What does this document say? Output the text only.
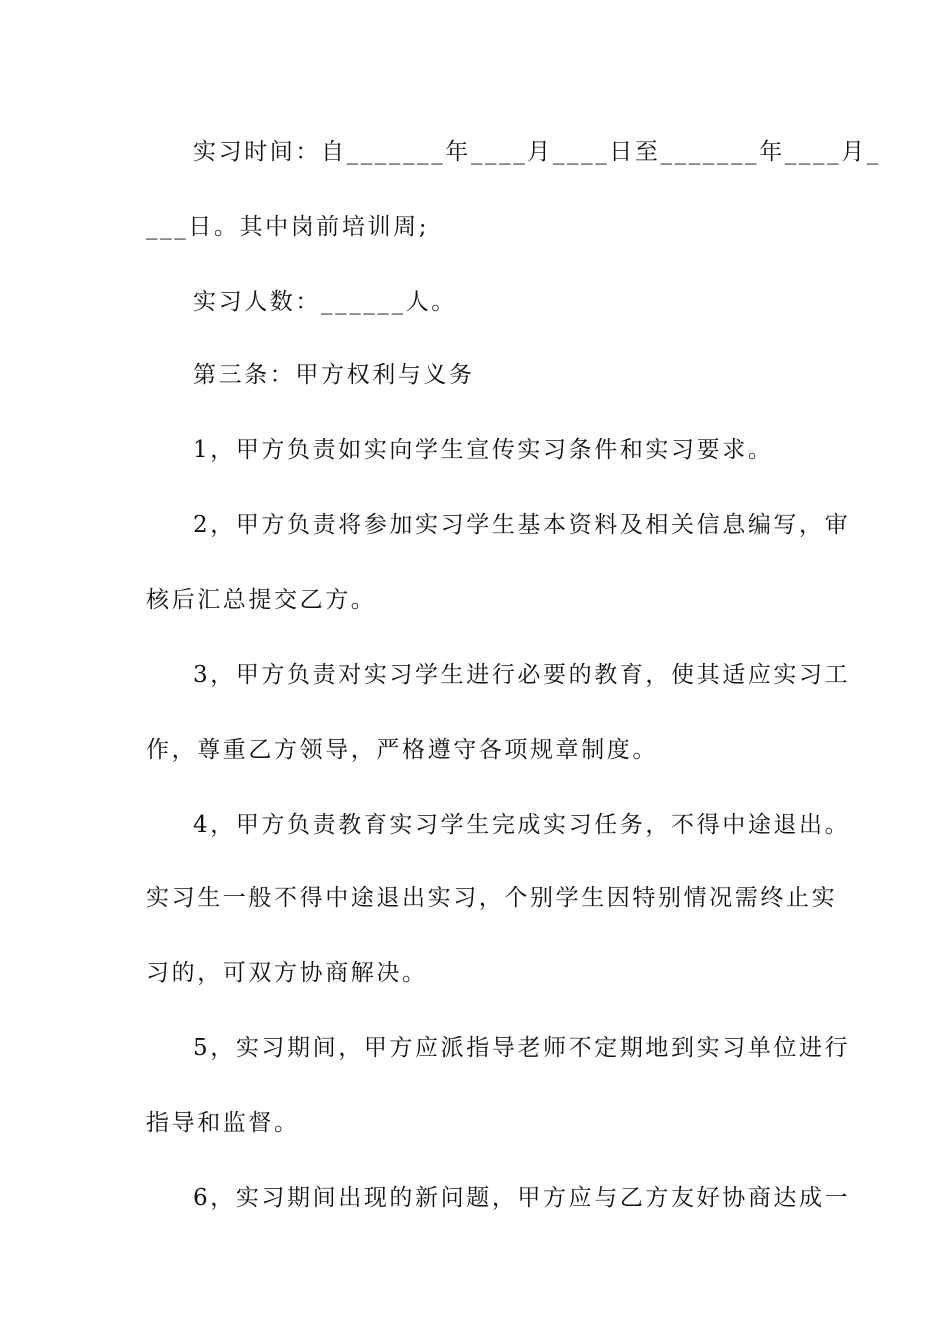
实习时间：自_______年____月____日至_______年____月_
___日。其中岗前培训周;
实习人数：______人。
第三条：甲方权利与义务
1，甲方负责如实向学生宣传实习条件和实习要求。
2，甲方负责将参加实习学生基本资料及相关信息编写，审
核后汇总提交乙方。
3，甲方负责对实习学生进行必要的教育，使其适应实习工
作，尊重乙方领导，严格遵守各项规章制度。
4，甲方负责教育实习学生完成实习任务，不得中途退出。
实习生一般不得中途退出实习，个别学生因特别情况需终止实
习的，可双方协商解决。
5，实习期间，甲方应派指导老师不定期地到实习单位进行
指导和监督。
6，实习期间出现的新问题，甲方应与乙方友好协商达成一
